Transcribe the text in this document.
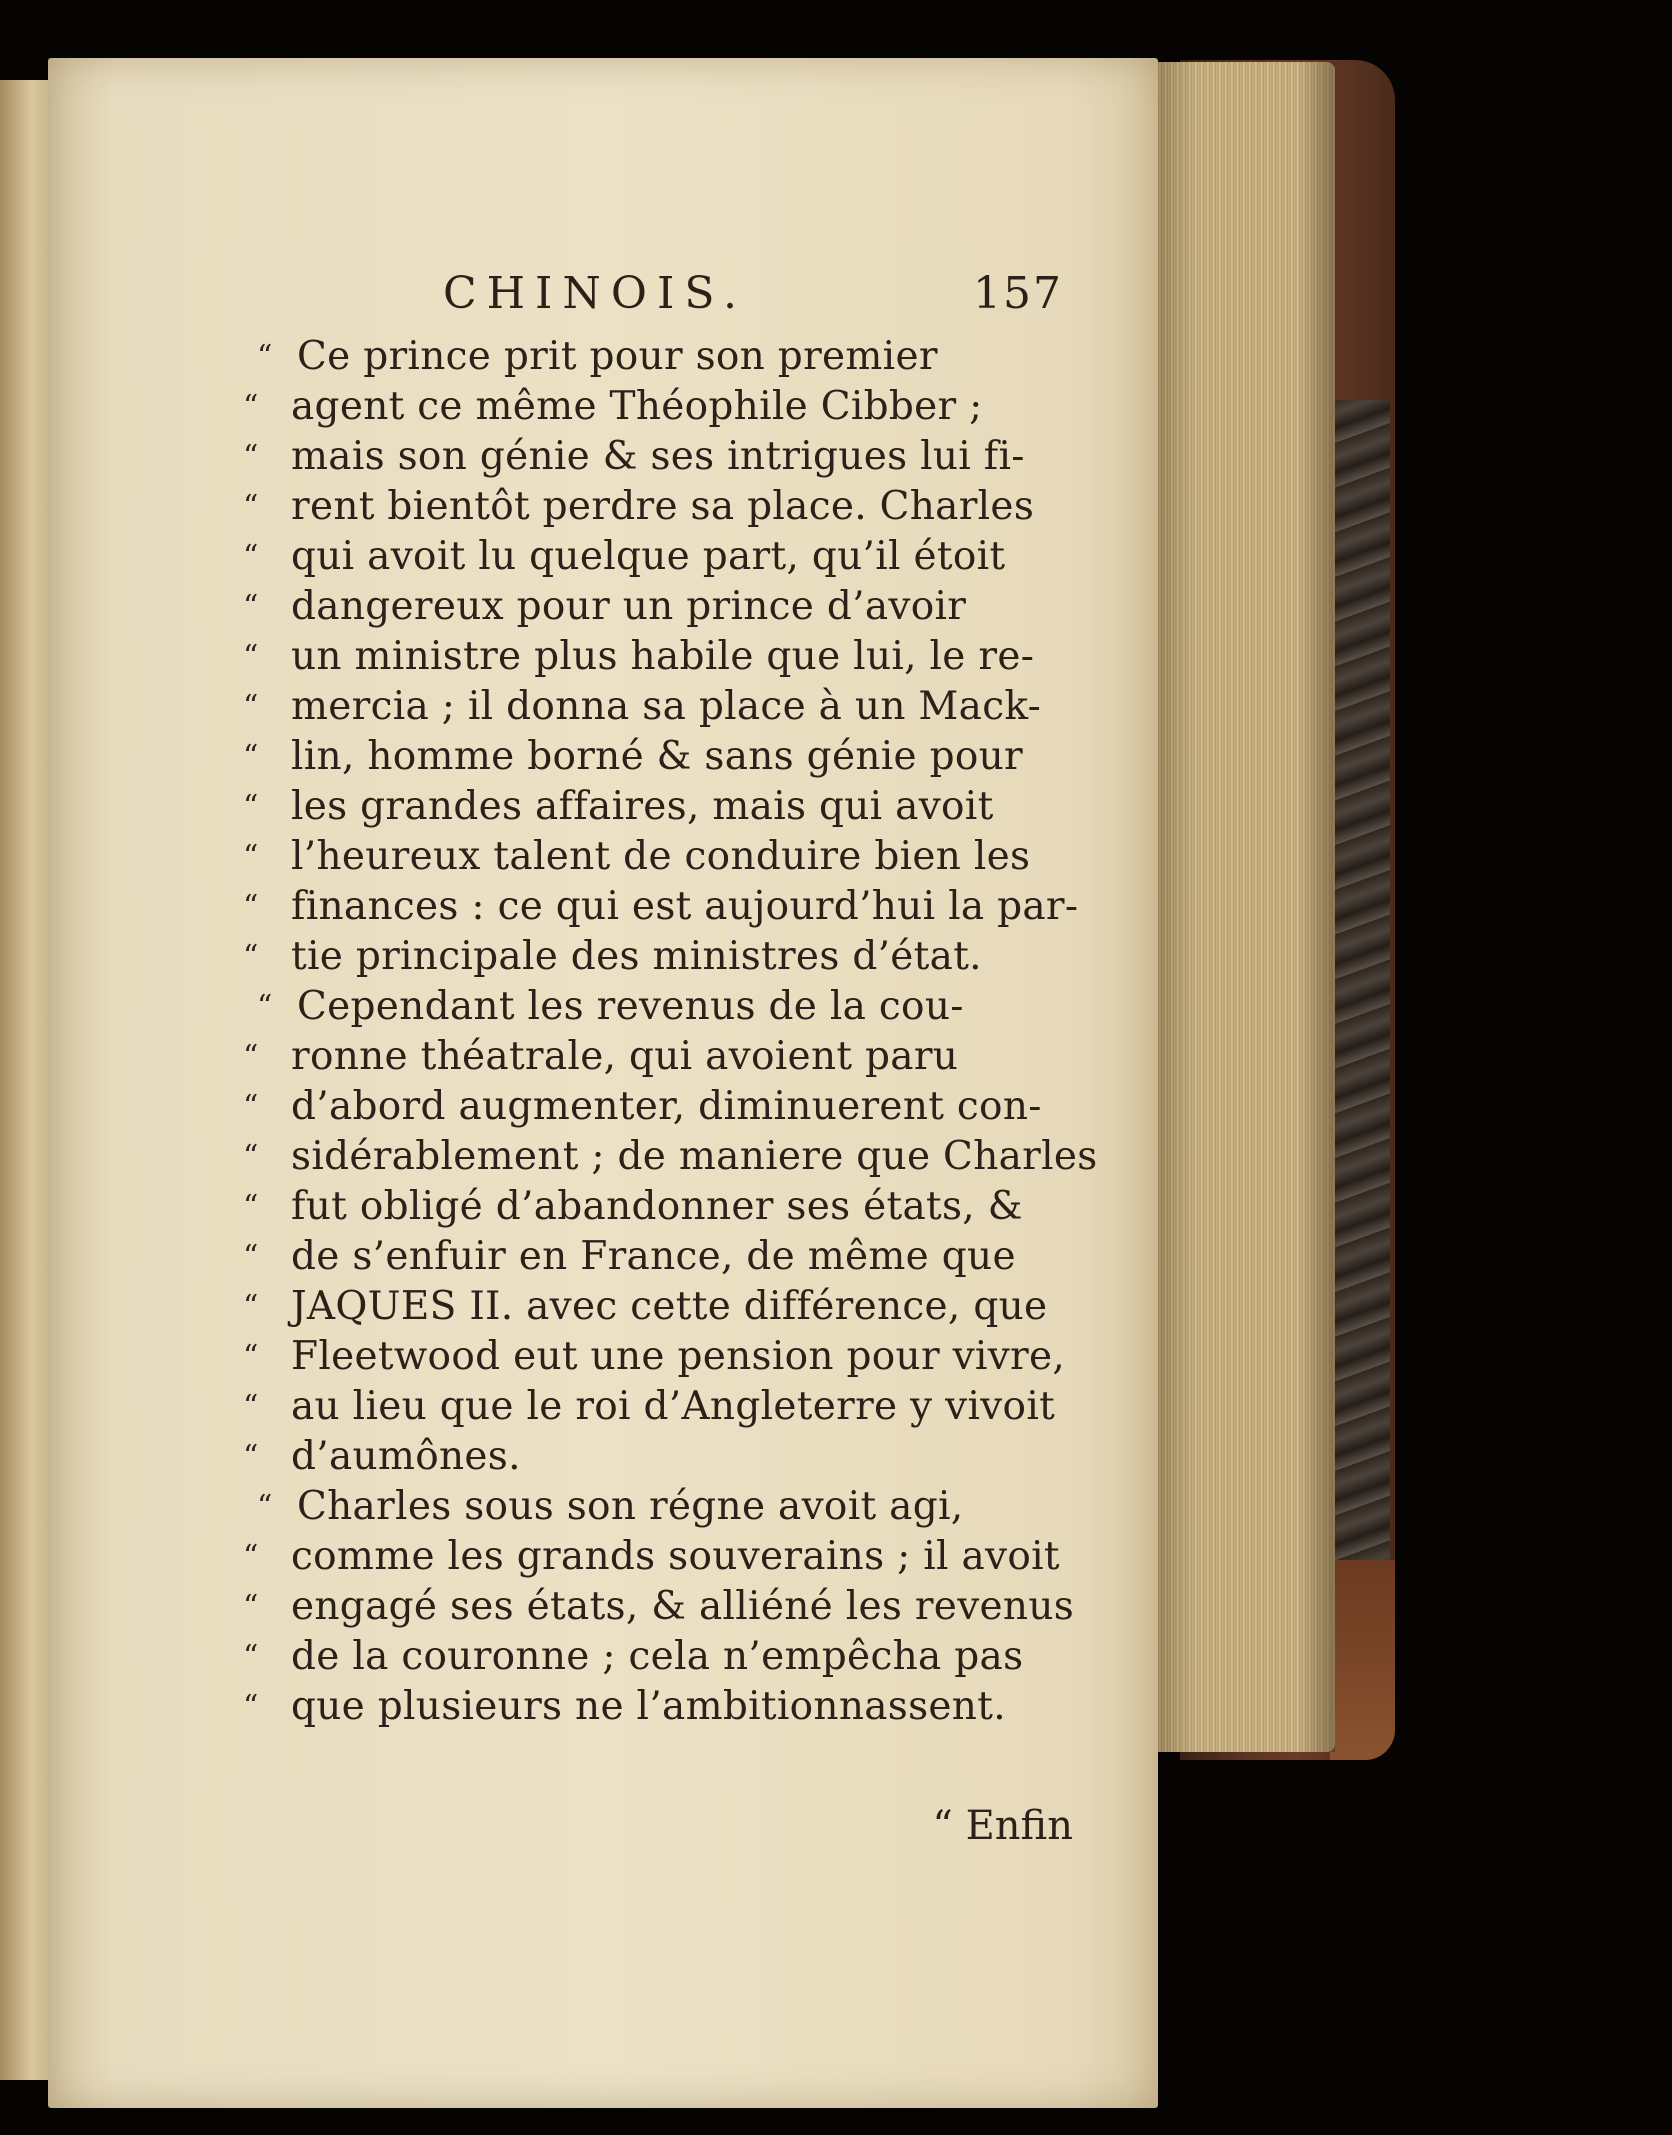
CHINOIS.	157
“ Ce prince prit pour son premier
“ agent ce même Théophile Cibber ;
“ mais son génie & ses intrigues lui fi-
“ rent bientôt perdre sa place. Charles
“ qui avoit lu quelque part, qu’il étoit
“ dangereux pour un prince d’avoir
“ un ministre plus habile que lui, le re-
“ mercia ; il donna sa place à un Mack-
“ lin, homme borné & sans génie pour
“ les grandes affaires, mais qui avoit
“ l’heureux talent de conduire bien les
“ finances : ce qui est aujourd’hui la par-
“ tie principale des ministres d’état.
“ Cependant les revenus de la cou-
“ ronne théatrale, qui avoient paru
“ d’abord augmenter, diminuerent con-
“ sidérablement ; de maniere que Charles
“ fut obligé d’abandonner ses états, &
“ de s’enfuir en France, de même que
“ JAQUES II. avec cette différence, que
“ Fleetwood eut une pension pour vivre,
“ au lieu que le roi d’Angleterre y vivoit
“ d’aumônes.
“ Charles sous son régne avoit agi,
“ comme les grands souverains ; il avoit
“ engagé ses états, & alliéné les revenus
“ de la couronne ; cela n’empêcha pas
“ que plusieurs ne l’ambitionnassent.
“ Enfin
